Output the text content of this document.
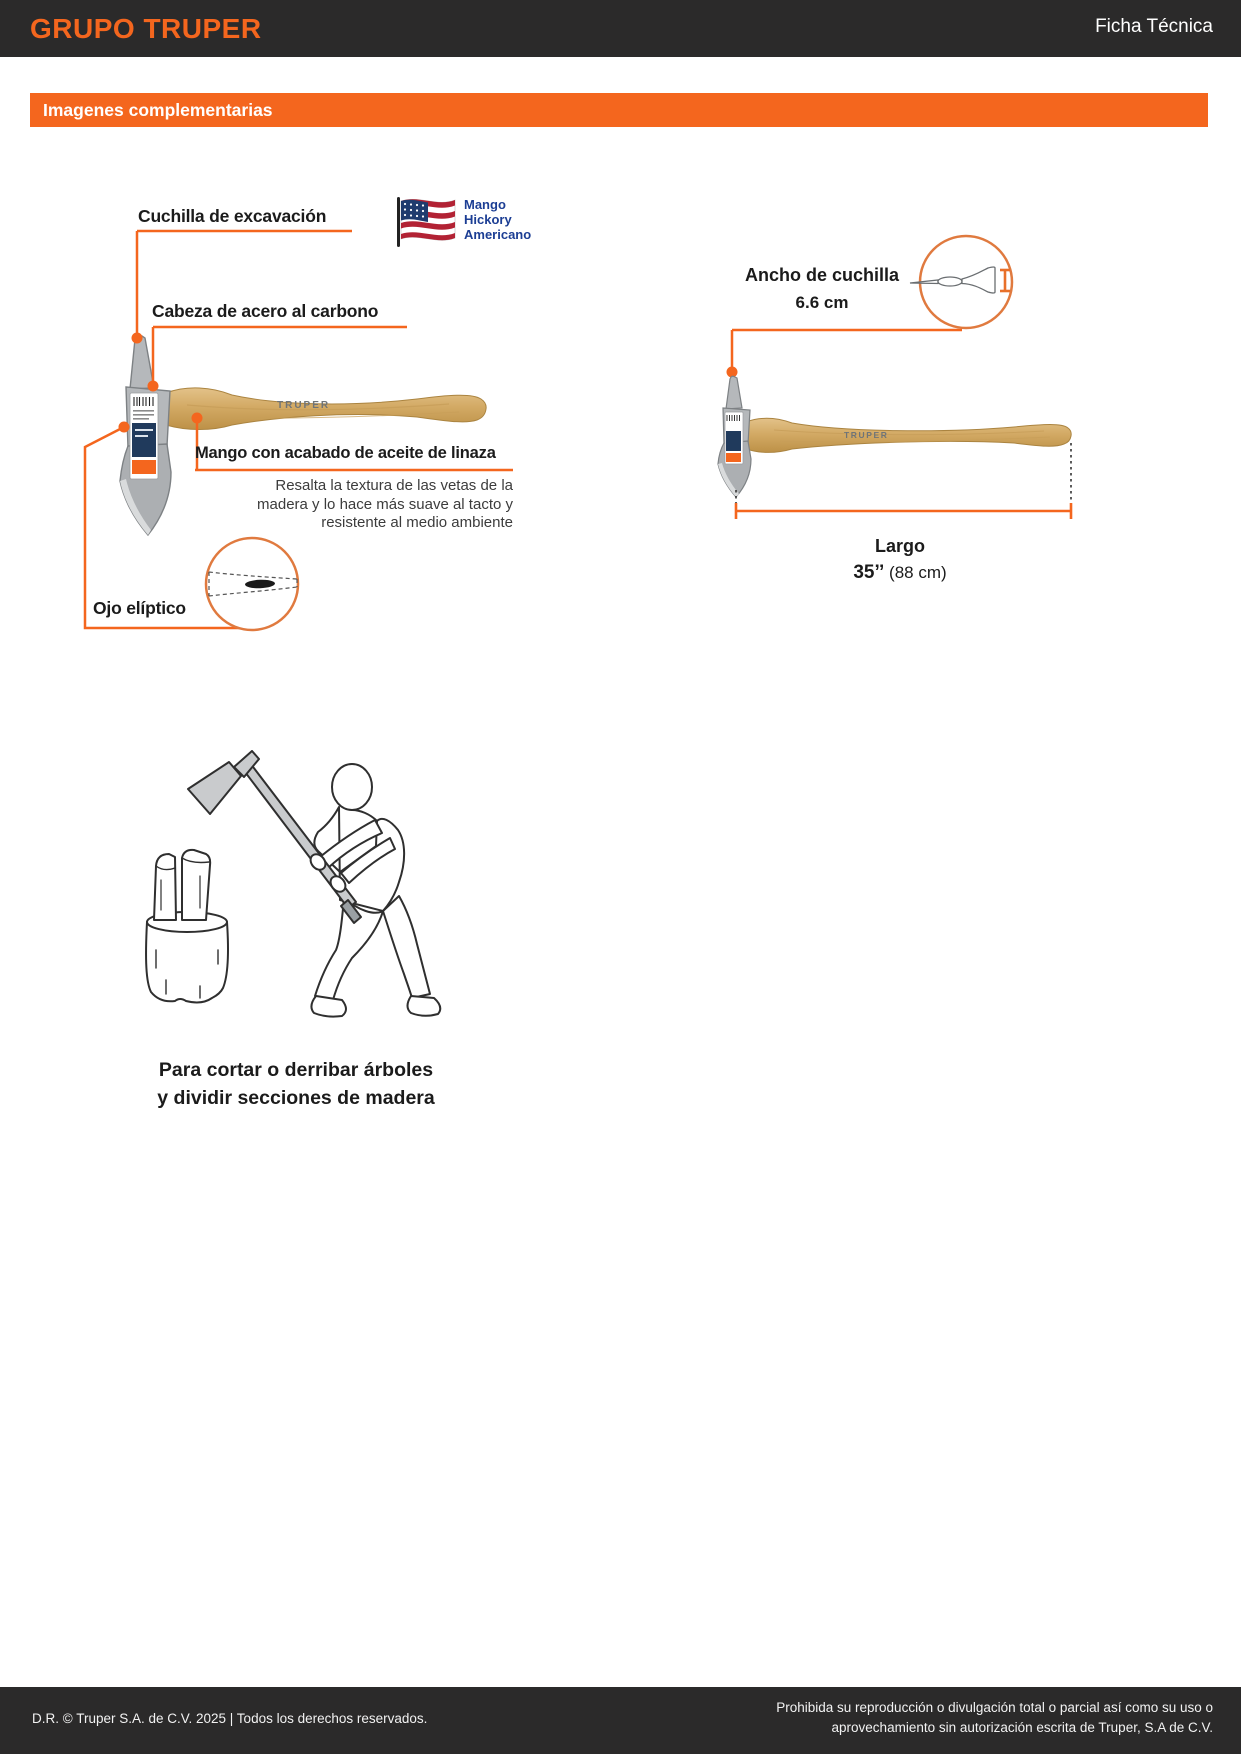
GRUPO TRUPER	Ficha Técnica
Imagenes complementarias
TRUPER
Cuchilla de excavación
Mango
Hickory
Americano
Cabeza de acero al carbono
Mango con acabado de aceite de linaza
Resalta la textura de las vetas de la
madera y lo hace más suave al tacto y
resistente al medio ambiente
Ojo elíptico
TRUPER
Ancho de cuchilla
6.6 cm
Largo
35’’ (88 cm)
Para cortar o derribar árboles
y dividir secciones de madera
D.R. © Truper S.A. de C.V. 2025 | Todos los derechos reservados.
Prohibida su reproducción o divulgación total o parcial así como su uso o
aprovechamiento sin autorización escrita de Truper, S.A de C.V.
